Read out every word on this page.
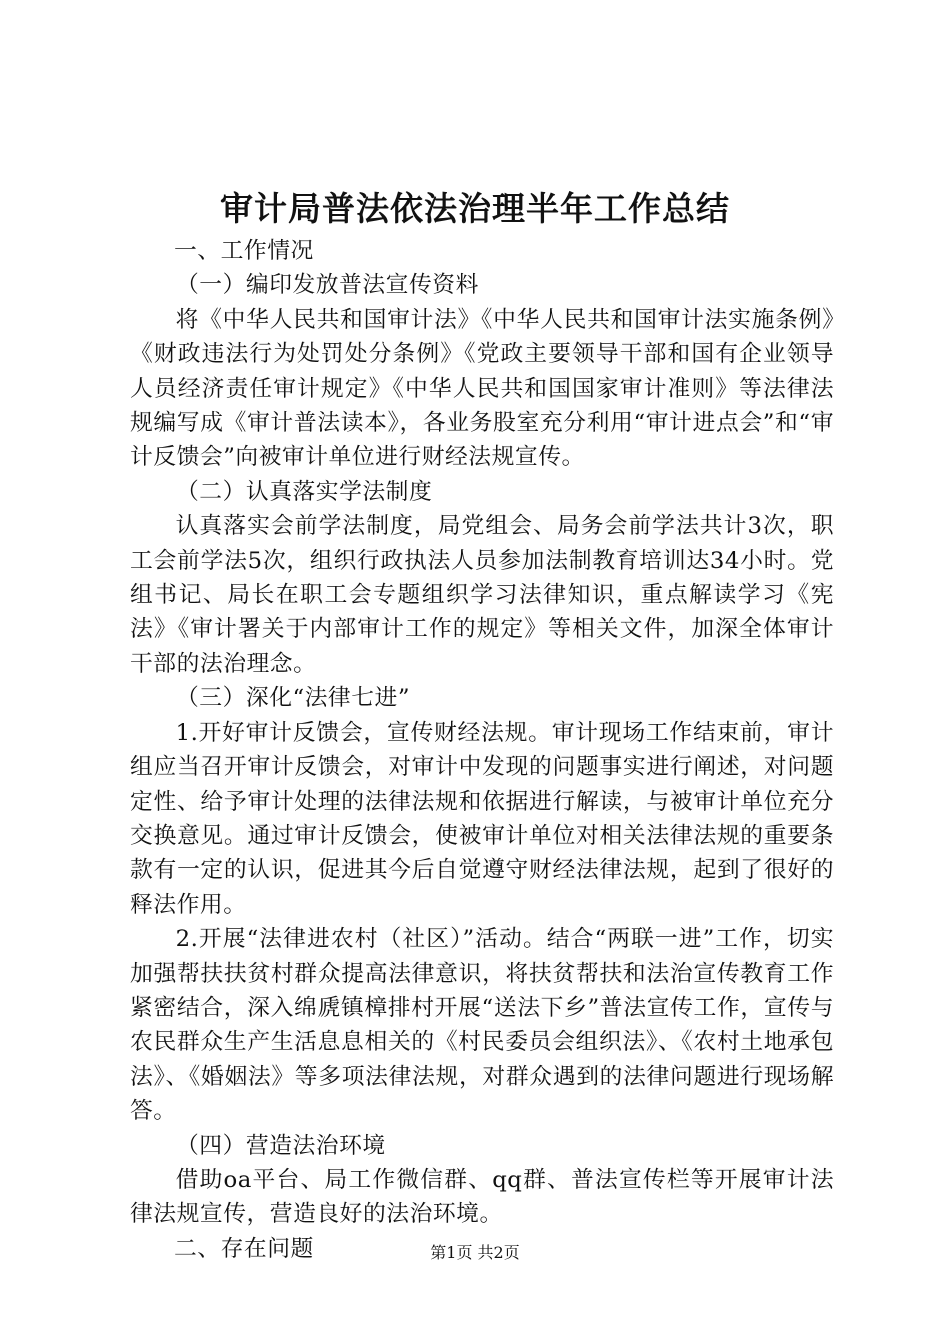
审计局普法依法治理半年工作总结

一、工作情况

（一）编印发放普法宣传资料

将《中华人民共和国审计法》《中华人民共和国审计法实施条例》《财政违法行为处罚处分条例》《党政主要领导干部和国有企业领导人员经济责任审计规定》《中华人民共和国国家审计准则》等法律法规编写成《审计普法读本》，各业务股室充分利用“审计进点会”和“审计反馈会”向被审计单位进行财经法规宣传。

（二）认真落实学法制度

认真落实会前学法制度，局党组会、局务会前学法共计3次，职工会前学法5次，组织行政执法人员参加法制教育培训达34小时。党组书记、局长在职工会专题组织学习法律知识，重点解读学习《宪法》《审计署关于内部审计工作的规定》等相关文件，加深全体审计干部的法治理念。

（三）深化“法律七进”

1.开好审计反馈会，宣传财经法规。审计现场工作结束前，审计组应当召开审计反馈会，对审计中发现的问题事实进行阐述，对问题定性、给予审计处理的法律法规和依据进行解读，与被审计单位充分交换意见。通过审计反馈会，使被审计单位对相关法律法规的重要条款有一定的认识，促进其今后自觉遵守财经法律法规，起到了很好的释法作用。

2.开展“法律进农村（社区）”活动。结合“两联一进”工作，切实加强帮扶扶贫村群众提高法律意识，将扶贫帮扶和法治宣传教育工作紧密结合，深入绵虒镇樟排村开展“送法下乡”普法宣传工作，宣传与农民群众生产生活息息相关的《村民委员会组织法》、《农村土地承包法》、《婚姻法》等多项法律法规，对群众遇到的法律问题进行现场解答。

（四）营造法治环境

借助oa平台、局工作微信群、qq群、普法宣传栏等开展审计法律法规宣传，营造良好的法治环境。

二、存在问题	第1页 共2页
